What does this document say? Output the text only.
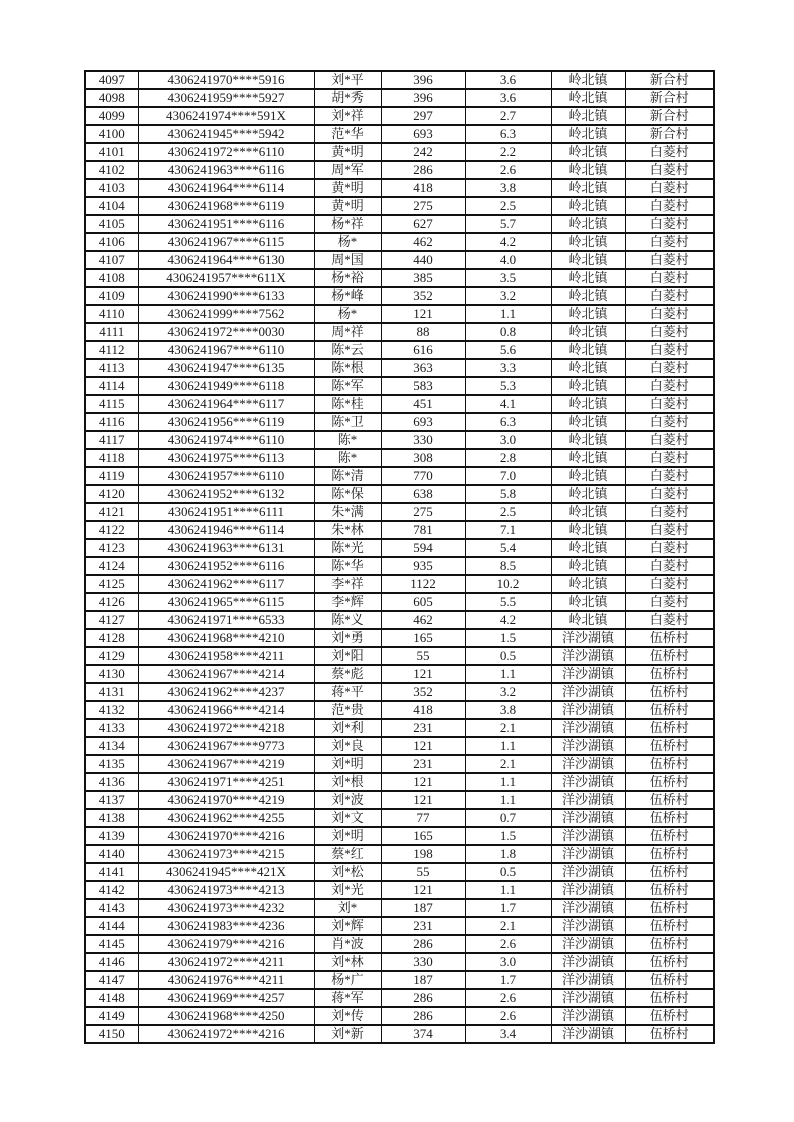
4097	4306241970****5916	刘*平	396	3.6	岭北镇	新合村
4098	4306241959****5927	胡*秀	396	3.6	岭北镇	新合村
4099	4306241974****591X	刘*祥	297	2.7	岭北镇	新合村
4100	4306241945****5942	范*华	693	6.3	岭北镇	新合村
4101	4306241972****6110	黄*明	242	2.2	岭北镇	白菱村
4102	4306241963****6116	周*军	286	2.6	岭北镇	白菱村
4103	4306241964****6114	黄*明	418	3.8	岭北镇	白菱村
4104	4306241968****6119	黄*明	275	2.5	岭北镇	白菱村
4105	4306241951****6116	杨*祥	627	5.7	岭北镇	白菱村
4106	4306241967****6115	杨*	462	4.2	岭北镇	白菱村
4107	4306241964****6130	周*国	440	4.0	岭北镇	白菱村
4108	4306241957****611X	杨*裕	385	3.5	岭北镇	白菱村
4109	4306241990****6133	杨*峰	352	3.2	岭北镇	白菱村
4110	4306241999****7562	杨*	121	1.1	岭北镇	白菱村
4111	4306241972****0030	周*祥	88	0.8	岭北镇	白菱村
4112	4306241967****6110	陈*云	616	5.6	岭北镇	白菱村
4113	4306241947****6135	陈*根	363	3.3	岭北镇	白菱村
4114	4306241949****6118	陈*军	583	5.3	岭北镇	白菱村
4115	4306241964****6117	陈*桂	451	4.1	岭北镇	白菱村
4116	4306241956****6119	陈*卫	693	6.3	岭北镇	白菱村
4117	4306241974****6110	陈*	330	3.0	岭北镇	白菱村
4118	4306241975****6113	陈*	308	2.8	岭北镇	白菱村
4119	4306241957****6110	陈*清	770	7.0	岭北镇	白菱村
4120	4306241952****6132	陈*保	638	5.8	岭北镇	白菱村
4121	4306241951****6111	朱*满	275	2.5	岭北镇	白菱村
4122	4306241946****6114	朱*林	781	7.1	岭北镇	白菱村
4123	4306241963****6131	陈*光	594	5.4	岭北镇	白菱村
4124	4306241952****6116	陈*华	935	8.5	岭北镇	白菱村
4125	4306241962****6117	李*祥	1122	10.2	岭北镇	白菱村
4126	4306241965****6115	李*辉	605	5.5	岭北镇	白菱村
4127	4306241971****6533	陈*义	462	4.2	岭北镇	白菱村
4128	4306241968****4210	刘*勇	165	1.5	洋沙湖镇	伍桥村
4129	4306241958****4211	刘*阳	55	0.5	洋沙湖镇	伍桥村
4130	4306241967****4214	蔡*彪	121	1.1	洋沙湖镇	伍桥村
4131	4306241962****4237	蒋*平	352	3.2	洋沙湖镇	伍桥村
4132	4306241966****4214	范*贵	418	3.8	洋沙湖镇	伍桥村
4133	4306241972****4218	刘*利	231	2.1	洋沙湖镇	伍桥村
4134	4306241967****9773	刘*良	121	1.1	洋沙湖镇	伍桥村
4135	4306241967****4219	刘*明	231	2.1	洋沙湖镇	伍桥村
4136	4306241971****4251	刘*根	121	1.1	洋沙湖镇	伍桥村
4137	4306241970****4219	刘*波	121	1.1	洋沙湖镇	伍桥村
4138	4306241962****4255	刘*文	77	0.7	洋沙湖镇	伍桥村
4139	4306241970****4216	刘*明	165	1.5	洋沙湖镇	伍桥村
4140	4306241973****4215	蔡*红	198	1.8	洋沙湖镇	伍桥村
4141	4306241945****421X	刘*松	55	0.5	洋沙湖镇	伍桥村
4142	4306241973****4213	刘*光	121	1.1	洋沙湖镇	伍桥村
4143	4306241973****4232	刘*	187	1.7	洋沙湖镇	伍桥村
4144	4306241983****4236	刘*辉	231	2.1	洋沙湖镇	伍桥村
4145	4306241979****4216	肖*波	286	2.6	洋沙湖镇	伍桥村
4146	4306241972****4211	刘*林	330	3.0	洋沙湖镇	伍桥村
4147	4306241976****4211	杨*广	187	1.7	洋沙湖镇	伍桥村
4148	4306241969****4257	蒋*军	286	2.6	洋沙湖镇	伍桥村
4149	4306241968****4250	刘*传	286	2.6	洋沙湖镇	伍桥村
4150	4306241972****4216	刘*新	374	3.4	洋沙湖镇	伍桥村
